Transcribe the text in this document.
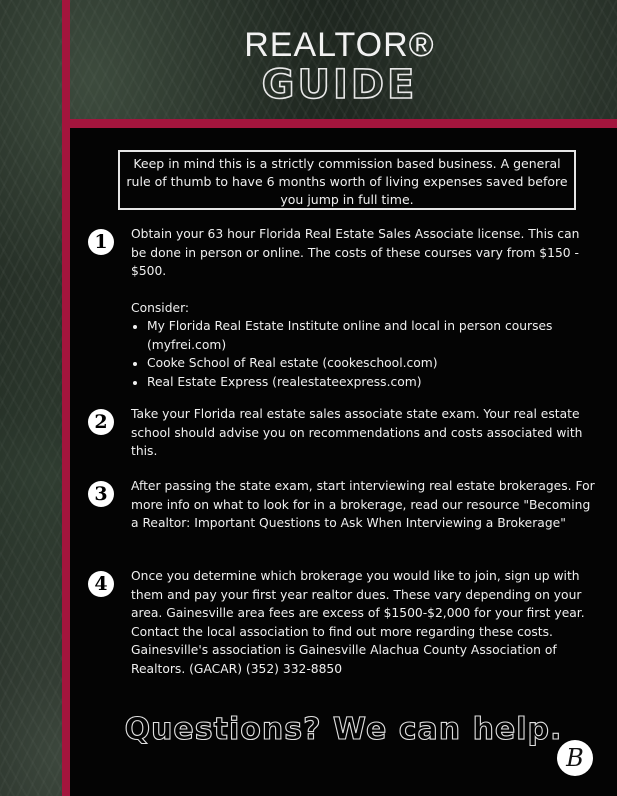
REALTOR®
GUIDE
Keep in mind this is a strictly commission based business. A general rule of thumb to have 6 months worth of living expenses saved before you jump in full time.
1	Obtain your 63 hour Florida Real Estate Sales Associate license. This can be done in person or online. The costs of these courses vary from $150 - $500.

Consider:

• My Florida Real Estate Institute online and local in person courses (myfrei.com)
• Cooke School of Real estate (cookeschool.com)
• Real Estate Express (realestateexpress.com)
2	Take your Florida real estate sales associate state exam. Your real estate school should advise you on recommendations and costs associated with this.

3	After passing the state exam, start interviewing real estate brokerages. For more info on what to look for in a brokerage, read our resource "Becoming a Realtor: Important Questions to Ask When Interviewing a Brokerage"

4	Once you determine which brokerage you would like to join, sign up with them and pay your first year realtor dues. These vary depending on your area. Gainesville area fees are excess of $1500-$2,000 for your first year. Contact the local association to find out more regarding these costs. Gainesville's association is Gainesville Alachua County Association of Realtors. (GACAR) (352) 332-8850

Questions? We can help.
B
